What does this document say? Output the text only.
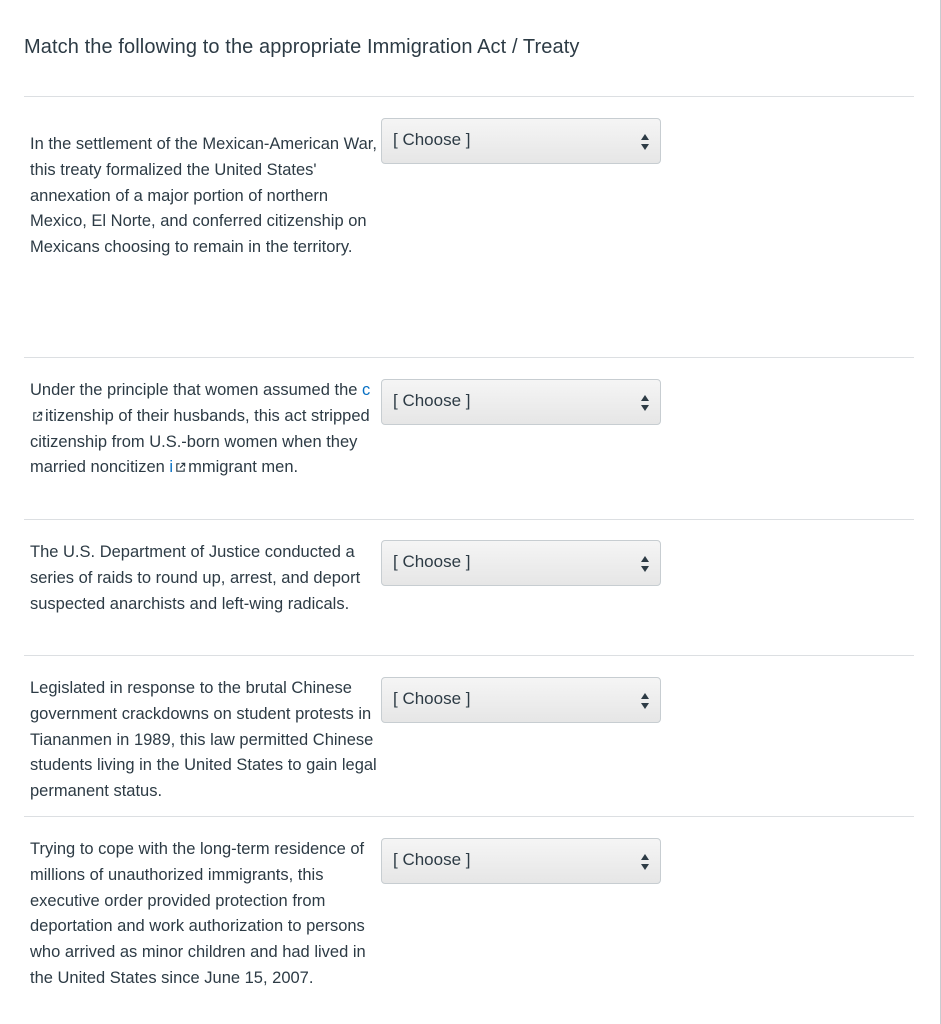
Match the following to the appropriate Immigration Act / Treaty
In the settlement of the Mexican-American War, this treaty formalized the United States' annexation of a major portion of northern Mexico, El Norte, and conferred citizenship on Mexicans choosing to remain in the territory.
[ Choose ]
Under the principle that women assumed the citizenship of their husbands, this act stripped citizenship from U.S.-born women when they married noncitizen i mmigrant men.
[ Choose ]
The U.S. Department of Justice conducted a series of raids to round up, arrest, and deport suspected anarchists and left-wing radicals.
[ Choose ]
Legislated in response to the brutal Chinese government crackdowns on student protests in Tiananmen in 1989, this law permitted Chinese students living in the United States to gain legal permanent status.
[ Choose ]
Trying to cope with the long-term residence of millions of unauthorized immigrants, this executive order provided protection from deportation and work authorization to persons who arrived as minor children and had lived in the United States since June 15, 2007.
[ Choose ]
